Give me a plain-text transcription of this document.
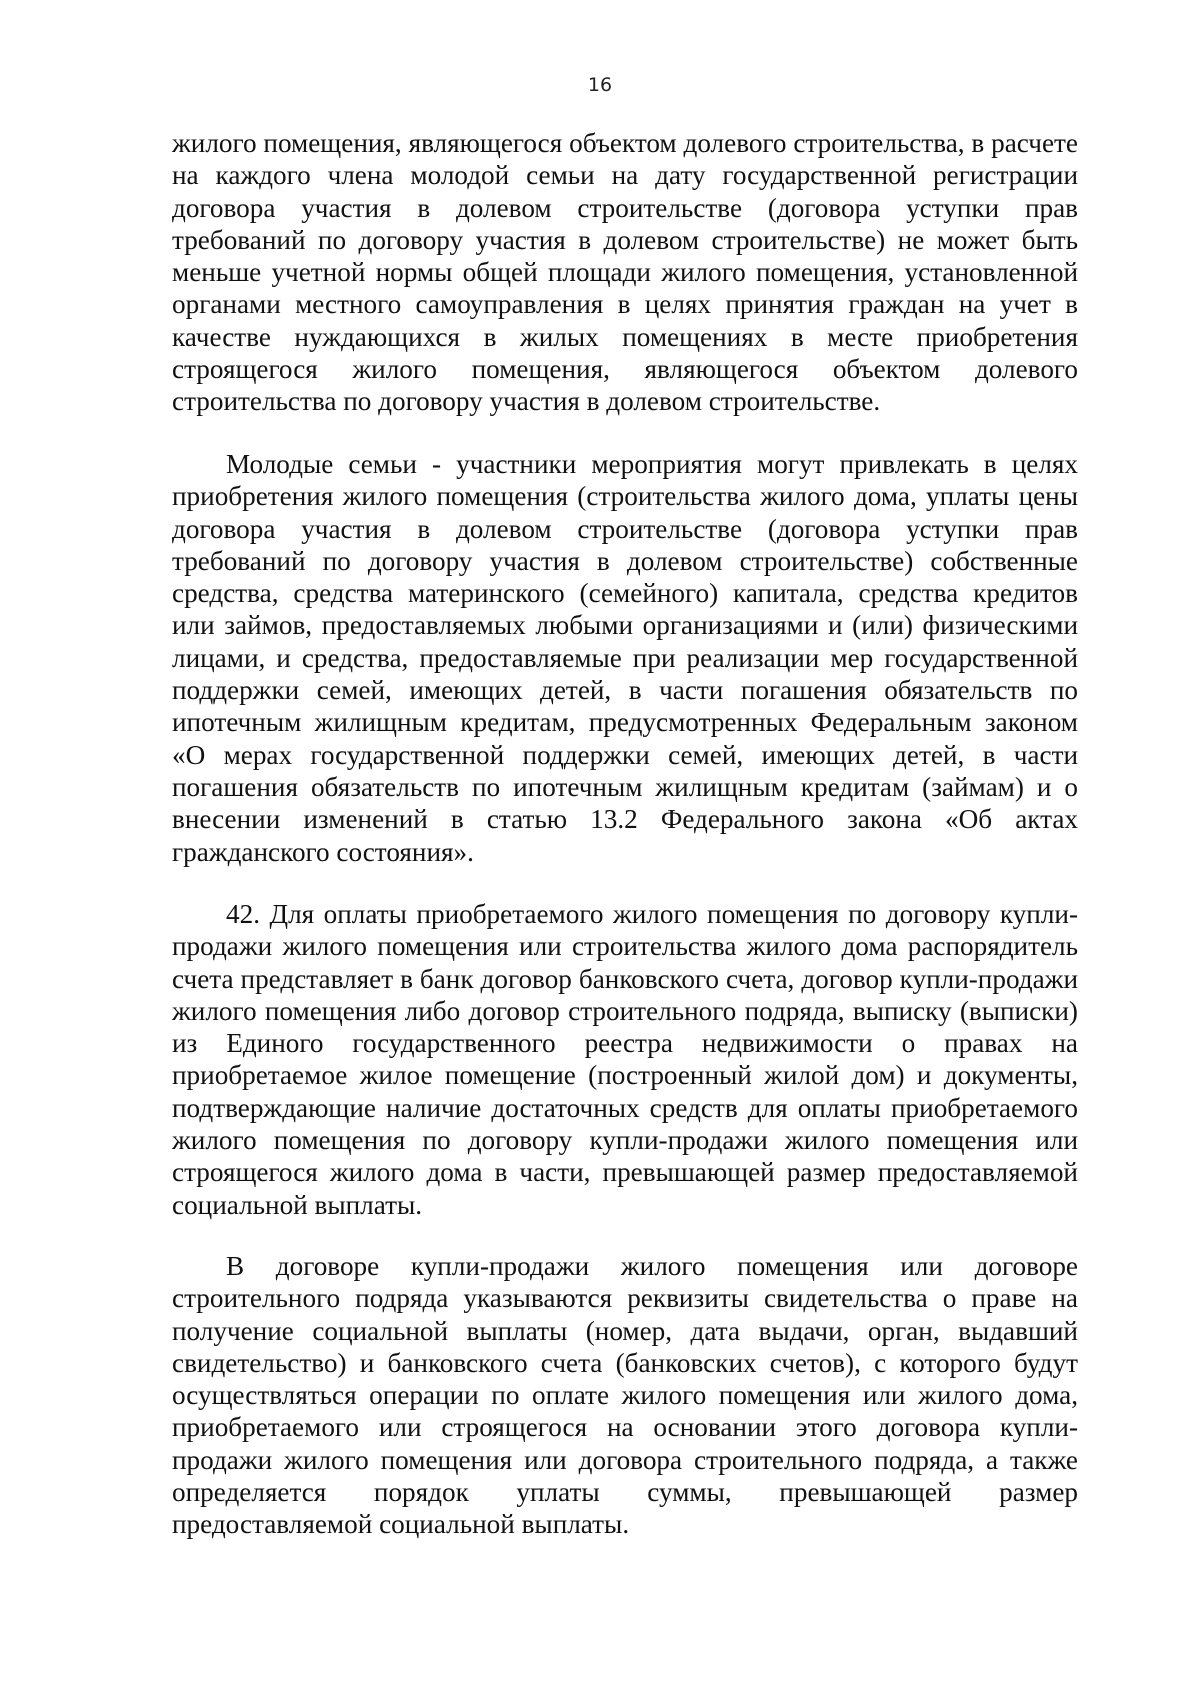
16

жилого помещения, являющегося объектом долевого строительства, в расчете на каждого члена молодой семьи на дату государственной регистрации договора участия в долевом строительстве (договора уступки прав требований по договору участия в долевом строительстве) не может быть меньше учетной нормы общей площади жилого помещения, установленной органами местного самоуправления в целях принятия граждан на учет в качестве нуждающихся в жилых помещениях в месте приобретения строящегося жилого помещения, являющегося объектом долевого строительства по договору участия в долевом строительстве.

Молодые семьи - участники мероприятия могут привлекать в целях приобретения жилого помещения (строительства жилого дома, уплаты цены договора участия в долевом строительстве (договора уступки прав требований по договору участия в долевом строительстве) собственные средства, средства материнского (семейного) капитала, средства кредитов или займов, предоставляемых любыми организациями и (или) физическими лицами, и средства, предоставляемые при реализации мер государственной поддержки семей, имеющих детей, в части погашения обязательств по ипотечным жилищным кредитам, предусмотренных Федеральным законом «О мерах государственной поддержки семей, имеющих детей, в части погашения обязательств по ипотечным жилищным кредитам (займам) и о внесении изменений в статью 13.2 Федерального закона «Об актах гражданского состояния».

42. Для оплаты приобретаемого жилого помещения по договору купли-продажи жилого помещения или строительства жилого дома распорядитель счета представляет в банк договор банковского счета, договор купли-продажи жилого помещения либо договор строительного подряда, выписку (выписки) из Единого государственного реестра недвижимости о правах на приобретаемое жилое помещение (построенный жилой дом) и документы, подтверждающие наличие достаточных средств для оплаты приобретаемого жилого помещения по договору купли-продажи жилого помещения или строящегося жилого дома в части, превышающей размер предоставляемой социальной выплаты.

В договоре купли-продажи жилого помещения или договоре строительного подряда указываются реквизиты свидетельства о праве на получение социальной выплаты (номер, дата выдачи, орган, выдавший свидетельство) и банковского счета (банковских счетов), с которого будут осуществляться операции по оплате жилого помещения или жилого дома, приобретаемого или строящегося на основании этого договора купли-продажи жилого помещения или договора строительного подряда, а также определяется порядок уплаты суммы, превышающей размер предоставляемой социальной выплаты.
